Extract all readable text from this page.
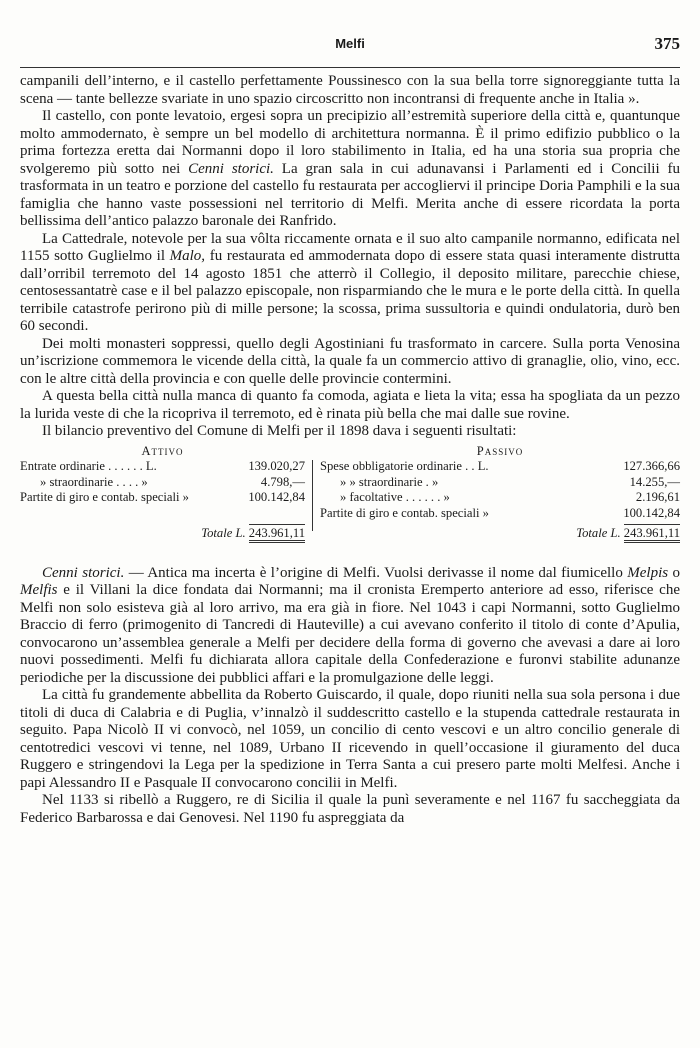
Melfi	375

campanili dell’interno, e il castello perfettamente Poussinesco con la sua bella torre signoreggiante tutta la scena — tante bellezze svariate in uno spazio circoscritto non incontransi di frequente anche in Italia ».

Il castello, con ponte levatoio, ergesi sopra un precipizio all’estremità superiore della città e, quantunque molto ammodernato, è sempre un bel modello di architettura normanna. È il primo edifizio pubblico o la prima fortezza eretta dai Normanni dopo il loro stabilimento in Italia, ed ha una storia sua propria che svolgeremo più sotto nei Cenni storici. La gran sala in cui adunavansi i Parlamenti ed i Concilii fu trasformata in un teatro e porzione del castello fu restaurata per accogliervi il principe Doria Pamphili e la sua famiglia che hanno vaste possessioni nel territorio di Melfi. Merita anche di essere ricordata la porta bellissima dell’antico palazzo baronale dei Ranfrido.

La Cattedrale, notevole per la sua vôlta riccamente ornata e il suo alto campanile normanno, edificata nel 1155 sotto Guglielmo il Malo, fu restaurata ed ammodernata dopo di essere stata quasi interamente distrutta dall’orribil terremoto del 14 agosto 1851 che atterrò il Collegio, il deposito militare, parecchie chiese, centosessantatrè case e il bel palazzo episcopale, non risparmiando che le mura e le porte della città. In quella terribile catastrofe perirono più di mille persone; la scossa, prima sussultoria e quindi ondulatoria, durò ben 60 secondi.

Dei molti monasteri soppressi, quello degli Agostiniani fu trasformato in carcere. Sulla porta Venosina un’iscrizione commemora le vicende della città, la quale fa un commercio attivo di granaglie, olio, vino, ecc. con le altre città della provincia e con quelle delle provincie contermini.

A questa bella città nulla manca di quanto fa comoda, agiata e lieta la vita; essa ha spogliata da un pezzo la lurida veste di che la ricopriva il terremoto, ed è rinata più bella che mai dalle sue rovine.

Il bilancio preventivo del Comune di Melfi per il 1898 dava i seguenti risultati:

Attivo
Entrate ordinarie . . . . . . L.	139.020,27
» straordinarie . . . . »	4.798,—
Partite di giro e contab. speciali »	100.142,84
Passivo
Spese obbligatorie ordinarie . . L.	127.366,66
» » straordinarie . »	14.255,—
» facoltative . . . . . . »	2.196,61
Partite di giro e contab. speciali »	100.142,84
Totale L. 243.961,11	Totale L. 243.961,11

Cenni storici. — Antica ma incerta è l’origine di Melfi. Vuolsi derivasse il nome dal fiumicello Melpis o Melfis e il Villani la dice fondata dai Normanni; ma il cronista Eremperto anteriore ad esso, riferisce che Melfi non solo esisteva già al loro arrivo, ma era già in fiore. Nel 1043 i capi Normanni, sotto Guglielmo Braccio di ferro (primogenito di Tancredi di Hauteville) a cui avevano conferito il titolo di conte d’Apulia, convocarono un’assemblea generale a Melfi per decidere della forma di governo che avevasi a dare ai loro nuovi possedimenti. Melfi fu dichiarata allora capitale della Confederazione e furonvi stabilite adunanze periodiche per la discussione dei pubblici affari e la promulgazione delle leggi.

La città fu grandemente abbellita da Roberto Guiscardo, il quale, dopo riuniti nella sua sola persona i due titoli di duca di Calabria e di Puglia, v’innalzò il suddescritto castello e la stupenda cattedrale restaurata in seguito. Papa Nicolò II vi convocò, nel 1059, un concilio di cento vescovi e un altro concilio generale di centotredici vescovi vi tenne, nel 1089, Urbano II ricevendo in quell’occasione il giuramento del duca Ruggero e stringendovi la Lega per la spedizione in Terra Santa a cui presero parte molti Melfesi. Anche i papi Alessandro II e Pasquale II convocarono concilii in Melfi.

Nel 1133 si ribellò a Ruggero, re di Sicilia il quale la punì severamente e nel 1167 fu saccheggiata da Federico Barbarossa e dai Genovesi. Nel 1190 fu aspreggiata da
